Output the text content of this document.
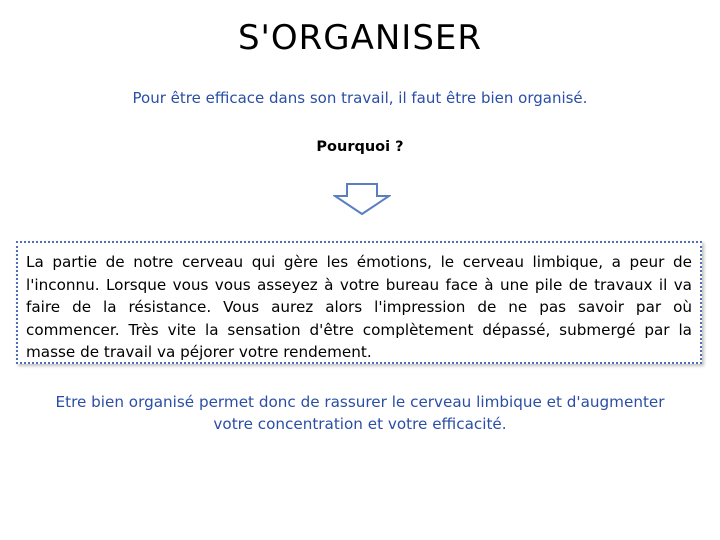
S'ORGANISER
Pour être efficace dans son travail, il faut être bien organisé.
Pourquoi ?
La partie de notre cerveau qui gère les émotions, le cerveau limbique, a peur de l'inconnu. Lorsque vous vous asseyez à votre bureau face à une pile de travaux il va faire de la résistance. Vous aurez alors l'impression de ne pas savoir par où commencer. Très vite la sensation d'être complètement dépassé, submergé par la masse de travail va péjorer votre rendement.
Etre bien organisé permet donc de rassurer le cerveau limbique et d'augmenter votre concentration et votre efficacité.
